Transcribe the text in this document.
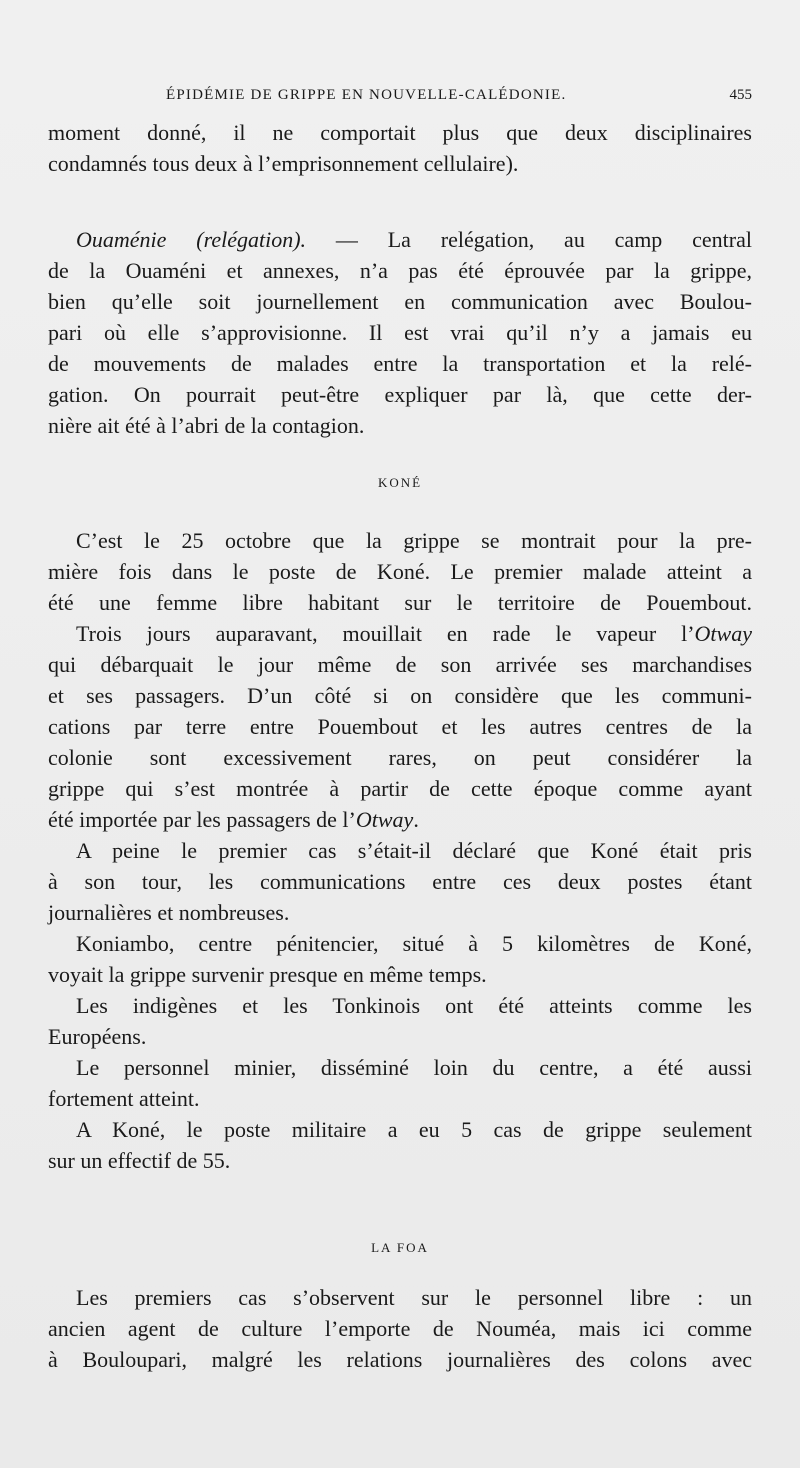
ÉPIDÉMIE DE GRIPPE EN NOUVELLE-CALÉDONIE.	455
moment donné, il ne comportait plus que deux disciplinaires
condamnés tous deux à l’emprisonnement cellulaire).
Ouaménie (relégation). — La relégation, au camp central
de la Ouaméni et annexes, n’a pas été éprouvée par la grippe,
bien qu’elle soit journellement en communication avec Boulou-
pari où elle s’approvisionne. Il est vrai qu’il n’y a jamais eu
de mouvements de malades entre la transportation et la relé-
gation. On pourrait peut-être expliquer par là, que cette der-
nière ait été à l’abri de la contagion.
KONÉ
C’est le 25 octobre que la grippe se montrait pour la pre-
mière fois dans le poste de Koné. Le premier malade atteint a
été une femme libre habitant sur le territoire de Pouembout.
Trois jours auparavant, mouillait en rade le vapeur l’Otway
qui débarquait le jour même de son arrivée ses marchandises
et ses passagers. D’un côté si on considère que les communi-
cations par terre entre Pouembout et les autres centres de la
colonie sont excessivement rares, on peut considérer la
grippe qui s’est montrée à partir de cette époque comme ayant
été importée par les passagers de l’Otway.
A peine le premier cas s’était-il déclaré que Koné était pris
à son tour, les communications entre ces deux postes étant
journalières et nombreuses.
Koniambo, centre pénitencier, situé à 5 kilomètres de Koné,
voyait la grippe survenir presque en même temps.
Les indigènes et les Tonkinois ont été atteints comme les
Européens.
Le personnel minier, disséminé loin du centre, a été aussi
fortement atteint.
A Koné, le poste militaire a eu 5 cas de grippe seulement
sur un effectif de 55.
LA FOA
Les premiers cas s’observent sur le personnel libre : un
ancien agent de culture l’emporte de Nouméa, mais ici comme
à Bouloupari, malgré les relations journalières des colons avec
